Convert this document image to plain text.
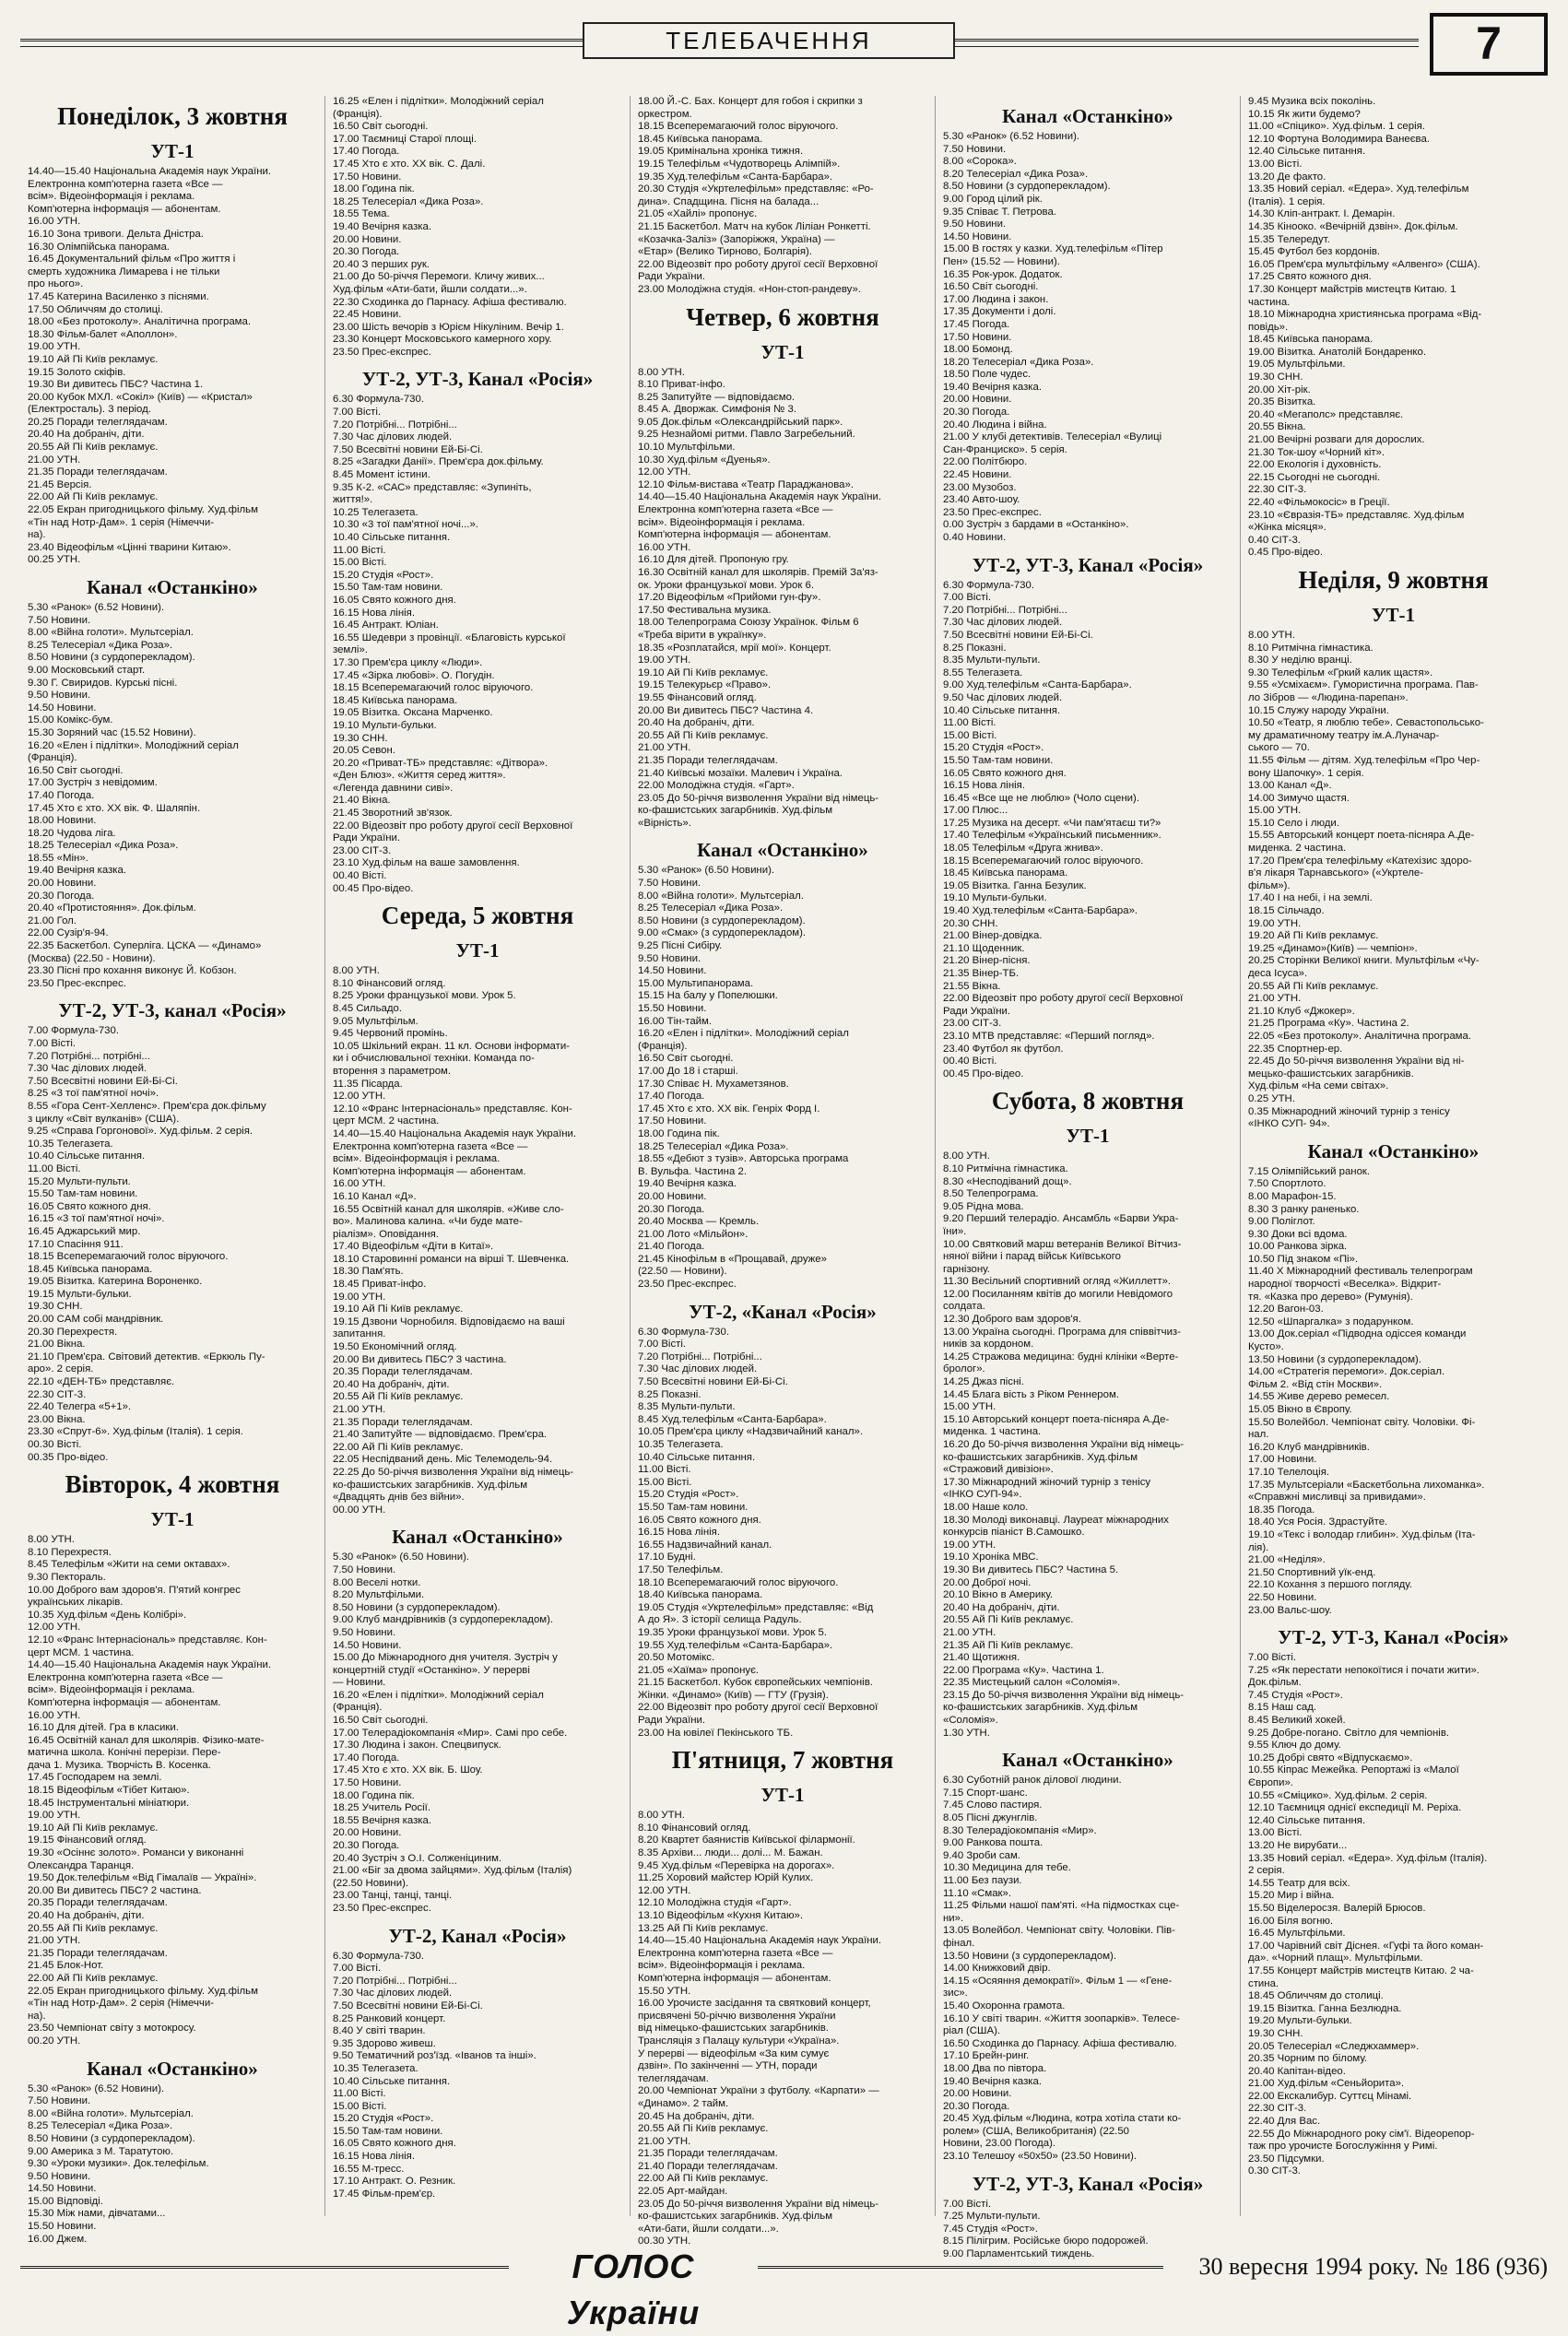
ТЕЛЕБАЧЕННЯ	7
Понеділок, 3 жовтня
УТ-1
14.40—15.40 Національна Академія наук України.
Електронна комп'ютерна газета «Все —
всім». Відеоінформація і реклама.
Комп'ютерна інформація — абонентам.
16.00 УТН.
16.10 Зона тривоги. Дельта Дністра.
16.30 Олімпійська панорама.
16.45 Документальний фільм «Про життя і
смерть художника Лимарева і не тільки
про нього».
17.45 Катерина Василенко з піснями.
17.50 Обличчям до столиці.
18.00 «Без протоколу». Аналітична програма.
18.30 Фільм-балет «Аполлон».
19.00 УТН.
19.10 Ай Пі Київ рекламує.
19.15 Золото скіфів.
19.30 Ви дивитесь ПБС? Частина 1.
20.00 Кубок МХЛ. «Сокіл» (Київ) — «Кристал»
(Електросталь). 3 період.
20.25 Поради телеглядачам.
20.40 На добраніч, діти.
20.55 Ай Пі Київ рекламує.
21.00 УТН.
21.35 Поради телеглядачам.
21.45 Версія.
22.00 Ай Пі Київ рекламує.
22.05 Екран пригодницького фільму. Худ.фільм
«Тін над Нотр-Дам». 1 серія (Німеччи-
на).
23.40 Відеофільм «Цінні тварини Китаю».
00.25 УТН.
Канал «Останкіно»
5.30 «Ранок» (6.52 Новини).
7.50 Новини.
8.00 «Війна голоти». Мультсеріал.
8.25 Телесеріал «Дика Роза».
8.50 Новини (з сурдоперекладом).
9.00 Московський старт.
9.30 Г. Свиридов. Курські пісні.
9.50 Новини.
14.50 Новини.
15.00 Комікс-бум.
15.30 Зоряний час (15.52 Новини).
16.20 «Елен і підлітки». Молодіжний серіал
(Франція).
16.50 Світ сьогодні.
17.00 Зустріч з невідомим.
17.40 Погода.
17.45 Хто є хто. XX вік. Ф. Шаляпін.
18.00 Новини.
18.20 Чудова ліга.
18.25 Телесеріал «Дика Роза».
18.55 «Мін».
19.40 Вечірня казка.
20.00 Новини.
20.30 Погода.
20.40 «Протистояння». Док.фільм.
21.00 Гол.
22.00 Сузір'я-94.
22.35 Баскетбол. Суперліга. ЦСКА — «Динамо»
(Москва) (22.50 - Новини).
23.30 Пісні про кохання виконує Й. Кобзон.
23.50 Прес-експрес.
УТ-2, УТ-3, канал «Росія»
7.00 Формула-730.
7.00 Вісті.
7.20 Потрібні... потрібні...
7.30 Час ділових людей.
7.50 Всесвітні новини Ей-Бі-Сі.
8.25 «3 тої пам'ятної ночі».
8.55 «Гора Сент-Хелленс». Прем'єра док.фільму
з циклу «Світ вулканів» (США).
9.25 «Справа Горгонової». Худ.фільм. 2 серія.
10.35 Телегазета.
10.40 Сільське питання.
11.00 Вісті.
15.20 Мульти-пульти.
15.50 Там-там новини.
16.05 Свято кожного дня.
16.15 «3 тої пам'ятної ночі».
16.45 Аджарський мир.
17.10 Спасіння 911.
18.15 Всеперемагаючий голос віруючого.
18.45 Київська панорама.
19.05 Візитка. Катерина Вороненко.
19.15 Мульти-бульки.
19.30 СНН.
20.00 CAM собі мандрівник.
20.30 Перехрестя.
21.00 Вікна.
21.10 Прем'єра. Світовий детектив. «Еркюль Пу-
аро». 2 серія.
22.10 «ДЕН-ТБ» представляє.
22.30 СІТ-3.
22.40 Телегра «5+1».
23.00 Вікна.
23.30 «Спрут-6». Худ.фільм (Італія). 1 серія.
00.30 Вісті.
00.35 Про-відео.
Вівторок, 4 жовтня
УТ-1
8.00 УТН.
8.10 Перехрестя.
8.45 Телефільм «Жити на семи октавах».
9.30 Пектораль.
10.00 Доброго вам здоров'я. П'ятий конгрес
українських лікарів.
10.35 Худ.фільм «День Колібрі».
12.00 УТН.
12.10 «Франс Інтернасіональ» представляє. Кон-
церт МСМ. 1 частина.
14.40—15.40 Національна Академія наук України.
Електронна комп'ютерна газета «Все —
всім». Відеоінформація і реклама.
Комп'ютерна інформація — абонентам.
16.00 УТН.
16.10 Для дітей. Гра в класики.
16.45 Освітній канал для школярів. Фізико-мате-
матична школа. Конічні перерізи. Пере-
дача 1. Музика. Творчість В. Косенка.
17.45 Господарем на землі.
18.15 Відеофільм «Тібет Китаю».
18.45 Інструментальні мініатюри.
19.00 УТН.
19.10 Ай Пі Київ рекламує.
19.15 Фінансовий огляд.
19.30 «Осіннє золото». Романси у виконанні
Олександра Таранця.
19.50 Док.телефільм «Від Гімалаїв — Україні».
20.00 Ви дивитесь ПБС? 2 частина.
20.35 Поради телеглядачам.
20.40 На добраніч, діти.
20.55 Ай Пі Київ рекламує.
21.00 УТН.
21.35 Поради телеглядачам.
21.45 Блок-Нот.
22.00 Ай Пі Київ рекламує.
22.05 Екран пригодницького фільму. Худ.фільм
«Тін над Нотр-Дам». 2 серія (Німеччи-
на).
23.50 Чемпіонат світу з мотокросу.
00.20 УТН.
Канал «Останкіно»
5.30 «Ранок» (6.52 Новини).
7.50 Новини.
8.00 «Війна голоти». Мультсеріал.
8.25 Телесеріал «Дика Роза».
8.50 Новини (з сурдоперекладом).
9.00 Америка з М. Таратутою.
9.30 «Уроки музики». Док.телефільм.
9.50 Новини.
14.50 Новини.
15.00 Відповіді.
15.30 Між нами, дівчатами...
15.50 Новини.
16.00 Джем.
16.25 «Елен і підлітки». Молодіжний серіал
(Франція).
16.50 Світ сьогодні.
17.00 Таємниці Старої площі.
17.40 Погода.
17.45 Хто є хто. XX вік. С. Далі.
17.50 Новини.
18.00 Година пік.
18.25 Телесеріал «Дика Роза».
18.55 Тема.
19.40 Вечірня казка.
20.00 Новини.
20.30 Погода.
20.40 З перших рук.
21.00 До 50-річчя Перемоги. Кличу живих...
Худ.фільм «Ати-бати, йшли солдати...».
22.30 Сходинка до Парнасу. Афіша фестивалю.
22.45 Новини.
23.00 Шість вечорів з Юрієм Нікуліним. Вечір 1.
23.30 Концерт Московського камерного хору.
23.50 Прес-експрес.
УТ-2, УТ-3, Канал «Росія»
6.30 Формула-730.
7.00 Вісті.
7.20 Потрібні... Потрібні...
7.30 Час ділових людей.
7.50 Всесвітні новини Ей-Бі-Сі.
8.25 «Загадки Данії». Прем'єра док.фільму.
8.45 Момент істини.
9.35 К-2. «САС» представляє: «Зупиніть,
життя!».
10.25 Телегазета.
10.30 «3 тої пам'ятної ночі...».
10.40 Сільське питання.
11.00 Вісті.
15.00 Вісті.
15.20 Студія «Рост».
15.50 Там-там новини.
16.05 Свято кожного дня.
16.15 Нова лінія.
16.45 Антракт. Юліан.
16.55 Шедеври з провінції. «Благовість курської
землі».
17.30 Прем'єра циклу «Люди».
17.45 «Зірка любові». О. Погудін.
18.15 Всеперемагаючий голос віруючого.
18.45 Київська панорама.
19.05 Візитка. Оксана Марченко.
19.10 Мульти-бульки.
19.30 СНН.
20.05 Севон.
20.20 «Приват-ТБ» представляє: «Дітвора».
«Ден Блюз». «Життя серед життя».
«Легенда давнини сиві».
21.40 Вікна.
21.45 Зворотний зв'язок.
22.00 Відеозвіт про роботу другої сесії Верховної
Ради України.
23.00 СІТ-3.
23.10 Худ.фільм на ваше замовлення.
00.40 Вісті.
00.45 Про-відео.
Середа, 5 жовтня
УТ-1
8.00 УТН.
8.10 Фінансовий огляд.
8.25 Уроки французької мови. Урок 5.
8.45 Сильадо.
9.05 Мультфільм.
9.45 Червоний промінь.
10.05 Шкільний екран. 11 кл. Основи інформати-
ки і обчислювальної техніки. Команда по-
вторення з параметром.
11.35 Пісарда.
12.00 УТН.
12.10 «Франс Інтернасіональ» представляє. Кон-
церт МСМ. 2 частина.
14.40—15.40 Національна Академія наук України.
Електронна комп'ютерна газета «Все —
всім». Відеоінформація і реклама.
Комп'ютерна інформація — абонентам.
16.00 УТН.
16.10 Канал «Д».
16.55 Освітній канал для школярів. «Живе сло-
во». Малинова калина. «Чи буде мате-
ріалізм». Оповідання.
17.40 Відеофільм «Діти в Китаї».
18.10 Старовинні романси на вірші Т. Шевченка.
18.30 Пам'ять.
18.45 Приват-інфо.
19.00 УТН.
19.10 Ай Пі Київ рекламує.
19.15 Дзвони Чорнобиля. Відповідаємо на ваші
запитання.
19.50 Економічний огляд.
20.00 Ви дивитесь ПБС? 3 частина.
20.35 Поради телеглядачам.
20.40 На добраніч, діти.
20.55 Ай Пі Київ рекламує.
21.00 УТН.
21.35 Поради телеглядачам.
21.40 Запитуйте — відповідаємо. Прем'єра.
22.00 Ай Пі Київ рекламує.
22.05 Неспідваний день. Міс Телемодель-94.
22.25 До 50-річчя визволення України від німець-
ко-фашистських загарбників. Худ.фільм
«Двадцять днів без війни».
00.00 УТН.
Канал «Останкіно»
5.30 «Ранок» (6.50 Новини).
7.50 Новини.
8.00 Веселі нотки.
8.20 Мультфільми.
8.50 Новини (з сурдоперекладом).
9.00 Клуб мандрівників (з сурдоперекладом).
9.50 Новини.
14.50 Новини.
15.00 До Міжнародного дня учителя. Зустріч у
концертній студії «Останкіно». У перерві
— Новини.
16.20 «Елен і підлітки». Молодіжний серіал
(Франція).
16.50 Світ сьогодні.
17.00 Телерадіокомпанія «Мир». Самі про себе.
17.30 Людина і закон. Спецвипуск.
17.40 Погода.
17.45 Хто є хто. XX вік. Б. Шоу.
17.50 Новини.
18.00 Година пік.
18.25 Учитель Росії.
18.55 Вечірня казка.
20.00 Новини.
20.30 Погода.
20.40 Зустріч з О.І. Солженіциним.
21.00 «Біг за двома зайцями». Худ.фільм (Італія)
(22.50 Новини).
23.00 Танці, танці, танці.
23.50 Прес-експрес.
УТ-2, Канал «Росія»
6.30 Формула-730.
7.00 Вісті.
7.20 Потрібні... Потрібні...
7.30 Час ділових людей.
7.50 Всесвітні новини Ей-Бі-Сі.
8.25 Ранковий концерт.
8.40 У світі тварин.
9.35 Здорово живеш.
9.50 Тематичний роз'їзд. «Іванов та інші».
10.35 Телегазета.
10.40 Сільське питання.
11.00 Вісті.
15.00 Вісті.
15.20 Студія «Рост».
15.50 Там-там новини.
16.05 Свято кожного дня.
16.15 Нова лінія.
16.55 М-тресс.
17.10 Антракт. О. Резник.
17.45 Фільм-прем'єр.
18.00 Й.-С. Бах. Концерт для гобоя і скрипки з
оркестром.
18.15 Всеперемагаючий голос віруючого.
18.45 Київська панорама.
19.05 Кримінальна хроніка тижня.
19.15 Телефільм «Чудотворець Алімпій».
19.35 Худ.телефільм «Санта-Барбара».
20.30 Студія «Укртелефільм» представляє: «Ро-
дина». Спадщина. Пісня на балада...
21.05 «Хайлі» пропонує.
21.15 Баскетбол. Матч на кубок Ліліан Ронкетті.
«Козачка-Заліз» (Запоріжжя, Україна) —
«Етар» (Велико Тирново, Болгарія).
22.00 Відеозвіт про роботу другої сесії Верховної
Ради України.
23.00 Молодіжна студія. «Нон-стоп-рандеву».
Четвер, 6 жовтня
УТ-1
8.00 УТН.
8.10 Приват-інфо.
8.25 Запитуйте — відповідаємо.
8.45 А. Дворжак. Симфонія № 3.
9.05 Док.фільм «Олександрійський парк».
9.25 Незнайомі ритми. Павло Загребельний.
10.10 Мультфільми.
10.30 Худ.фільм «Дуенья».
12.00 УТН.
12.10 Фільм-вистава «Театр Параджанова».
14.40—15.40 Національна Академія наук України.
Електронна комп'ютерна газета «Все —
всім». Відеоінформація і реклама.
Комп'ютерна інформація — абонентам.
16.00 УТН.
16.10 Для дітей. Пропоную гру.
16.30 Освітній канал для школярів. Премій За'яз-
ок. Уроки французької мови. Урок 6.
17.20 Відеофільм «Прийоми гун-фу».
17.50 Фестивальна музика.
18.00 Телепрограма Союзу Українок. Фільм 6
«Треба вірити в українку».
18.35 «Розплатайся, мрії мої». Концерт.
19.00 УТН.
19.10 Ай Пі Київ рекламує.
19.15 Телекурьєр «Право».
19.55 Фінансовий огляд.
20.00 Ви дивитесь ПБС? Частина 4.
20.40 На добраніч, діти.
20.55 Ай Пі Київ рекламує.
21.00 УТН.
21.35 Поради телеглядачам.
21.40 Київські мозаїки. Малевич і Україна.
22.00 Молодіжна студія. «Гарт».
23.05 До 50-річчя визволення України від німець-
ко-фашистських загарбників. Худ.фільм
«Вірність».
Канал «Останкіно»
5.30 «Ранок» (6.50 Новини).
7.50 Новини.
8.00 «Війна голоти». Мультсеріал.
8.25 Телесеріал «Дика Роза».
8.50 Новини (з сурдоперекладом).
9.00 «Смак» (з сурдоперекладом).
9.25 Пісні Сибіру.
9.50 Новини.
14.50 Новини.
15.00 Мультипанорама.
15.15 На балу у Попелюшки.
15.50 Новини.
16.00 Тін-тайм.
16.20 «Елен і підлітки». Молодіжний серіал
(Франція).
16.50 Світ сьогодні.
17.00 До 18 і старші.
17.30 Співає Н. Мухаметзянов.
17.40 Погода.
17.45 Хто є хто. XX вік. Генріх Форд І.
17.50 Новини.
18.00 Година пік.
18.25 Телесеріал «Дика Роза».
18.55 «Дебют з тузів». Авторська програма
В. Вульфа. Частина 2.
19.40 Вечірня казка.
20.00 Новини.
20.30 Погода.
20.40 Москва — Кремль.
21.00 Лото «Мільйон».
21.40 Погода.
21.45 Кінофільм в «Прощавай, друже»
(22.50 — Новини).
23.50 Прес-експрес.
УТ-2, «Канал «Росія»
6.30 Формула-730.
7.00 Вісті.
7.20 Потрібні... Потрібні...
7.30 Час ділових людей.
7.50 Всесвітні новини Ей-Бі-Сі.
8.25 Показні.
8.35 Мульти-пульти.
8.45 Худ.телефільм «Санта-Барбара».
10.05 Прем'єра циклу «Надзвичайний канал».
10.35 Телегазета.
10.40 Сільське питання.
11.00 Вісті.
15.00 Вісті.
15.20 Студія «Рост».
15.50 Там-там новини.
16.05 Свято кожного дня.
16.15 Нова лінія.
16.55 Надзвичайний канал.
17.10 Будні.
17.50 Телефільм.
18.10 Всеперемагаючий голос віруючого.
18.40 Київська панорама.
19.05 Студія «Укртелефільм» представляє: «Від
А до Я». З історії селища Радуль.
19.35 Уроки французької мови. Урок 5.
19.55 Худ.телефільм «Санта-Барбара».
20.50 Мотомікс.
21.05 «Хаїма» пропонує.
21.15 Баскетбол. Кубок європейських чемпіонів.
Жінки. «Динамо» (Київ) — ГТУ (Грузія).
22.00 Відеозвіт про роботу другої сесії Верховної
Ради України.
23.00 На ювілеї Пекінського ТБ.
П'ятниця, 7 жовтня
УТ-1
8.00 УТН.
8.10 Фінансовий огляд.
8.20 Квартет баянистів Київської філармонії.
8.35 Архіви... люди... долі... М. Бажан.
9.45 Худ.фільм «Перевірка на дорогах».
11.25 Хоровий майстер Юрій Кулих.
12.00 УТН.
12.10 Молодіжна студія «Гарт».
13.10 Відеофільм «Кухня Китаю».
13.25 Ай Пі Київ рекламує.
14.40—15.40 Національна Академія наук України.
Електронна комп'ютерна газета «Все —
всім». Відеоінформація і реклама.
Комп'ютерна інформація — абонентам.
15.50 УТН.
16.00 Урочисте засідання та святковий концерт,
присвячені 50-річчю визволення України
від німецько-фашистських загарбників.
Трансляція з Палацу культури «Україна».
У перерві — відеофільм «За ким сумує
дзвін». По закінченні — УТН, поради
телеглядачам.
20.00 Чемпіонат України з футболу. «Карпати» —
«Динамо». 2 тайм.
20.45 На добраніч, діти.
20.55 Ай Пі Київ рекламує.
21.00 УТН.
21.35 Поради телеглядачам.
21.40 Поради телеглядачам.
22.00 Ай Пі Київ рекламує.
22.05 Арт-майдан.
23.05 До 50-річчя визволення України від німець-
ко-фашистських загарбників. Худ.фільм
«Ати-бати, йшли солдати...».
00.30 УТН.
Канал «Останкіно»
5.30 «Ранок» (6.52 Новини).
7.50 Новини.
8.00 «Сорока».
8.20 Телесеріал «Дика Роза».
8.50 Новини (з сурдоперекладом).
9.00 Город цілий рік.
9.35 Співає Т. Петрова.
9.50 Новини.
14.50 Новини.
15.00 В гостях у казки. Худ.телефільм «Пітер
Пен» (15.52 — Новини).
16.35 Рок-урок. Додаток.
16.50 Світ сьогодні.
17.00 Людина і закон.
17.35 Документи і долі.
17.45 Погода.
17.50 Новини.
18.00 Бомонд.
18.20 Телесеріал «Дика Роза».
18.50 Поле чудес.
19.40 Вечірня казка.
20.00 Новини.
20.30 Погода.
20.40 Людина і війна.
21.00 У клубі детективів. Телесеріал «Вулиці
Сан-Франциско». 5 серія.
22.00 Політбюро.
22.45 Новини.
23.00 Музобоз.
23.40 Авто-шоу.
23.50 Прес-експрес.
0.00 Зустріч з бардами в «Останкіно».
0.40 Новини.
УТ-2, УТ-3, Канал «Росія»
6.30 Формула-730.
7.00 Вісті.
7.20 Потрібні... Потрібні...
7.30 Час ділових людей.
7.50 Всесвітні новини Ей-Бі-Сі.
8.25 Показні.
8.35 Мульти-пульти.
8.55 Телегазета.
9.00 Худ.телефільм «Санта-Барбара».
9.50 Час ділових людей.
10.40 Сільське питання.
11.00 Вісті.
15.00 Вісті.
15.20 Студія «Рост».
15.50 Там-там новини.
16.05 Свято кожного дня.
16.15 Нова лінія.
16.45 «Все ще не люблю» (Чоло сцени).
17.00 Плюс...
17.25 Музика на десерт. «Чи пам'ятаєш ти?»
17.40 Телефільм «Український письменник».
18.05 Телефільм «Друга жнива».
18.15 Всеперемагаючий голос віруючого.
18.45 Київська панорама.
19.05 Візитка. Ганна Безулик.
19.10 Мульти-бульки.
19.40 Худ.телефільм «Санта-Барбара».
20.30 СНН.
21.00 Вінер-довідка.
21.10 Щоденник.
21.20 Вінер-пісня.
21.35 Вінер-ТБ.
21.55 Вікна.
22.00 Відеозвіт про роботу другої сесії Верховної
Ради України.
23.00 СІТ-3.
23.10 МТВ представляє: «Перший погляд».
23.40 Футбол як футбол.
00.40 Вісті.
00.45 Про-відео.
Субота, 8 жовтня
УТ-1
8.00 УТН.
8.10 Ритмічна гімнастика.
8.30 «Несподіваний дощ».
8.50 Телепрограма.
9.05 Рідна мова.
9.20 Перший телерадіо. Ансамбль «Барви Укра-
їни».
10.00 Святковий марш ветеранів Великої Вітчиз-
няної війни і парад військ Київського
гарнізону.
11.30 Весільний спортивний огляд «Жиллетт».
12.00 Посиланням квітів до могили Невідомого
солдата.
12.30 Доброго вам здоров'я.
13.00 Україна сьогодні. Програма для співвітчиз-
ників за кордоном.
14.25 Стражова медицина: будні клініки «Верте-
бролог».
14.25 Джаз пісні.
14.45 Блага вість з Ріком Реннером.
15.00 УТН.
15.10 Авторський концерт поета-пісняра А.Де-
миденка. 1 частина.
16.20 До 50-річчя визволення України від німець-
ко-фашистських загарбників. Худ.фільм
«Стражовий дивізіон».
17.30 Міжнародний жіночий турнір з тенісу
«ІНКО СУП-94».
18.00 Наше коло.
18.30 Молоді виконавці. Лауреат міжнародних
конкурсів піаніст В.Самошко.
19.00 УТН.
19.10 Хроніка МВС.
19.30 Ви дивитесь ПБС? Частина 5.
20.00 Доброї ночі.
20.10 Вікно в Америку.
20.40 На добраніч, діти.
20.55 Ай Пі Київ рекламує.
21.00 УТН.
21.35 Ай Пі Київ рекламує.
21.40 Щотижня.
22.00 Програма «Ку». Частина 1.
22.35 Мистецький салон «Соломія».
23.15 До 50-річчя визволення України від німець-
ко-фашистських загарбників. Худ.фільм
«Соломія».
1.30 УТН.
Канал «Останкіно»
6.30 Суботній ранок ділової людини.
7.15 Спорт-шанс.
7.45 Слово пастиря.
8.05 Пісні джунглів.
8.30 Телерадіокомпанія «Мир».
9.00 Ранкова пошта.
9.40 Зроби сам.
10.30 Медицина для тебе.
11.00 Без паузи.
11.10 «Смак».
11.25 Фільми нашої пам'яті. «На підмостках сце-
ни».
13.05 Волейбол. Чемпіонат світу. Чоловіки. Пів-
фінал.
13.50 Новини (з сурдоперекладом).
14.00 Книжковий двір.
14.15 «Осяяння демократії». Фільм 1 — «Гене-
зис».
15.40 Охоронна грамота.
16.10 У світі тварин. «Життя зоопарків». Телесе-
ріал (США).
16.50 Сходинка до Парнасу. Афіша фестивалю.
17.10 Брейн-ринг.
18.00 Два по півтора.
19.40 Вечірня казка.
20.00 Новини.
20.30 Погода.
20.45 Худ.фільм «Людина, котра хотіла стати ко-
ролем» (США, Великобританія) (22.50
Новини, 23.00 Погода).
23.10 Телешоу «50х50» (23.50 Новини).
УТ-2, УТ-3, Канал «Росія»
7.00 Вісті.
7.25 Мульти-пульти.
7.45 Студія «Рост».
8.15 Пілігрим. Російське бюро подорожей.
9.00 Парламентський тиждень.
9.45 Музика всіх поколінь.
10.15 Як жити будемо?
11.00 «Спіцико». Худ.фільм. 1 серія.
12.10 Фортуна Володимира Ванеєва.
12.40 Сільське питання.
13.00 Вісті.
13.20 Де факто.
13.35 Новий серіал. «Едера». Худ.телефільм
(Італія). 1 серія.
14.30 Кліп-антракт. І. Демарін.
14.35 Кіноокo. «Вечірній дзвін». Док.фільм.
15.35 Телередут.
15.45 Футбол без кордонів.
16.05 Прем'єра мультфільму «Алвенго» (США).
17.25 Свято кожного дня.
17.30 Концерт майстрів мистецтв Китаю. 1
частина.
18.10 Міжнародна християнська програма «Від-
повідь».
18.45 Київська панорама.
19.00 Візитка. Анатолій Бондаренко.
19.05 Мультфільми.
19.30 СНН.
20.00 Хіт-рік.
20.35 Візитка.
20.40 «Мегаполс» представляє.
20.55 Вікна.
21.00 Вечірні розваги для дорослих.
21.30 Ток-шоу «Чорний кіт».
22.00 Екологія і духовність.
22.15 Сьогодні не сьогодні.
22.30 СІТ-3.
22.40 «Фільмокосіс» в Греції.
23.10 «Євразія-ТБ» представляє. Худ.фільм
«Жінка місяця».
0.40 СІТ-3.
0.45 Про-відео.
Неділя, 9 жовтня
УТ-1
8.00 УТН.
8.10 Ритмічна гімнастика.
8.30 У неділю вранці.
9.30 Телефільм «Гркий калик щастя».
9.55 «Усміхаєм». Гумористична програма. Пав-
ло Зібров — «Людина-парепан».
10.15 Служу народу України.
10.50 «Театр, я люблю тебе». Севастопольсько-
му драматичному театру ім.А.Луначар-
ського — 70.
11.55 Фільм — дітям. Худ.телефільм «Про Чер-
вону Шапочку». 1 серія.
13.00 Канал «Д».
14.00 Зимучо щастя.
15.00 УТН.
15.10 Село і люди.
15.55 Авторський концерт поета-пісняра А.Де-
миденка. 2 частина.
17.20 Прем'єра телефільму «Катехізис здоро-
в'я лікаря Тарнавського» («Укртеле-
фільм»).
17.40 І на небі, і на землі.
18.15 Сільчадо.
19.00 УТН.
19.20 Ай Пі Київ рекламує.
19.25 «Динамо»(Київ) — чемпіон».
20.25 Сторінки Великої книги. Мультфільм «Чу-
деса Ісуса».
20.55 Ай Пі Київ рекламує.
21.00 УТН.
21.10 Клуб «Джокер».
21.25 Програма «Ку». Частина 2.
22.05 «Без протоколу». Аналітична програма.
22.35 Спортнер-ер.
22.45 До 50-річчя визволення України від ні-
мецько-фашистських загарбників.
Худ.фільм «На семи світах».
0.25 УТН.
0.35 Міжнародний жіночий турнір з тенісу
«ІНКО СУП- 94».
Канал «Останкіно»
7.15 Олімпійський ранок.
7.50 Спортлото.
8.00 Марафон-15.
8.30 З ранку раненько.
9.00 Поліглот.
9.30 Доки всі вдома.
10.00 Ранкова зірка.
10.50 Під знаком «Пі».
11.40 X Міжнародний фестиваль телепрограм
народної творчості «Веселка». Відкрит-
тя. «Казка про дерево» (Румунія).
12.20 Вагон-03.
12.50 «Шпаргалка» з подарунком.
13.00 Док.серіал «Підводна одіссея команди
Кусто».
13.50 Новини (з сурдоперекладом).
14.00 «Стратегія перемоги». Док.серіал.
Фільм 2. «Від стін Москви».
14.55 Живе дерево ремесел.
15.05 Вікно в Європу.
15.50 Волейбол. Чемпіонат світу. Чоловіки. Фі-
нал.
16.20 Клуб мандрівників.
17.00 Новини.
17.10 Телелоція.
17.35 Мультсеріали «Баскетбольна лихоманка».
«Справжні мисливці за привидами».
18.35 Погода.
18.40 Уся Росія. Здрастуйте.
19.10 «Текс і володар глибин». Худ.фільм (Іта-
лія).
21.00 «Неділя».
21.50 Спортивний уїк-енд.
22.10 Кохання з першого погляду.
22.50 Новини.
23.00 Вальс-шоу.
УТ-2, УТ-3, Канал «Росія»
7.00 Вісті.
7.25 «Як перестати непокоїтися і почати жити».
Док.фільм.
7.45 Студія «Рост».
8.15 Наш сад.
8.45 Великий хокей.
9.25 Добре-погано. Світло для чемпіонів.
9.55 Ключ до дому.
10.25 Добрі свято «Відпускаємо».
10.55 Кіпрас Межейка. Репортажі із «Малої
Європи».
10.55 «Сміцико». Худ.фільм. 2 серія.
12.10 Таємниця однієї експедиції М. Реріха.
12.40 Сільське питання.
13.00 Вісті.
13.20 Не вирубати...
13.35 Новий серіал. «Едера». Худ.фільм (Італія).
2 серія.
14.55 Театр для всіх.
15.20 Мир і війна.
15.50 Віделеросзя. Валерій Брюсов.
16.00 Біля вогню.
16.45 Мультфільми.
17.00 Чарівний світ Діснея. «Гуфі та його коман-
да». «Чорний плащ». Мультфільми.
17.55 Концерт майстрів мистецтв Китаю. 2 ча-
стина.
18.45 Обличчям до столиці.
19.15 Візитка. Ганна Безлюдна.
19.20 Мульти-бульки.
19.30 СНН.
20.05 Телесеріал «Следжхаммер».
20.35 Чорним по білому.
20.40 Капітан-відео.
21.00 Худ.фільм «Сеньйорита».
22.00 Екскалибур. Суттєц Мінамі.
22.30 СІТ-3.
22.40 Для Вас.
22.55 До Міжнародного року сім'ї. Відеорепор-
таж про урочисте Богослужіння у Римі.
23.50 Підсумки.
0.30 СІТ-3.
ГОЛОС України
30 вересня 1994 року. № 186 (936)
